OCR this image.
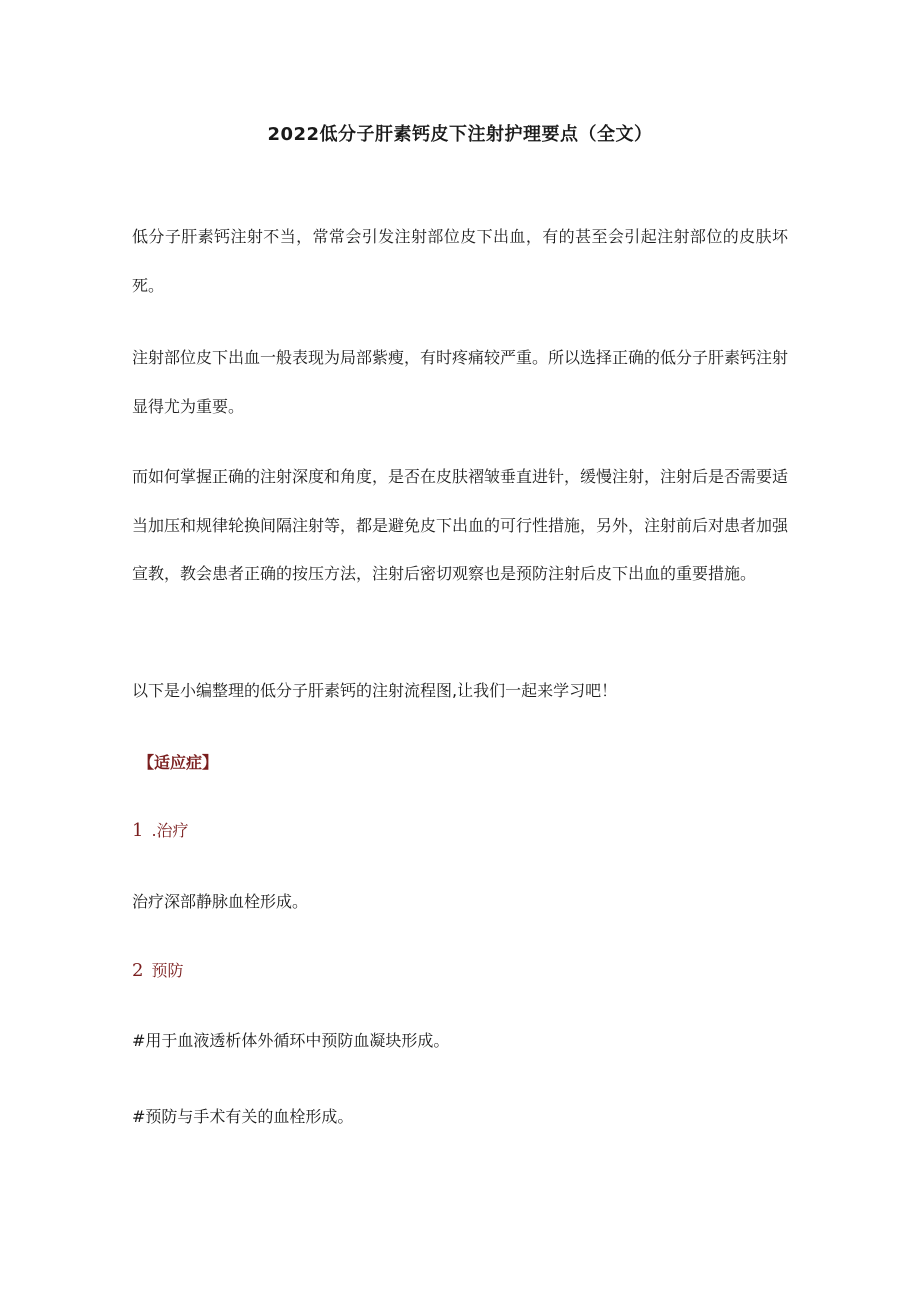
2022低分子肝素钙皮下注射护理要点（全文）

低分子肝素钙注射不当，常常会引发注射部位皮下出血，有的甚至会引起注射部位的皮肤坏死。

注射部位皮下出血一般表现为局部紫瘦，有时疼痛较严重。所以选择正确的低分子肝素钙注射显得尤为重要。

而如何掌握正确的注射深度和角度，是否在皮肤褶皱垂直进针，缓慢注射，注射后是否需要适当加压和规律轮换间隔注射等，都是避免皮下出血的可行性措施，另外，注射前后对患者加强宣教，教会患者正确的按压方法，注射后密切观察也是预防注射后皮下出血的重要措施。

以下是小编整理的低分子肝素钙的注射流程图,让我们一起来学习吧！

【适应症】
1 .治疗
治疗深部静脉血栓形成。
2 预防
#用于血液透析体外循环中预防血凝块形成。
#预防与手术有关的血栓形成。
